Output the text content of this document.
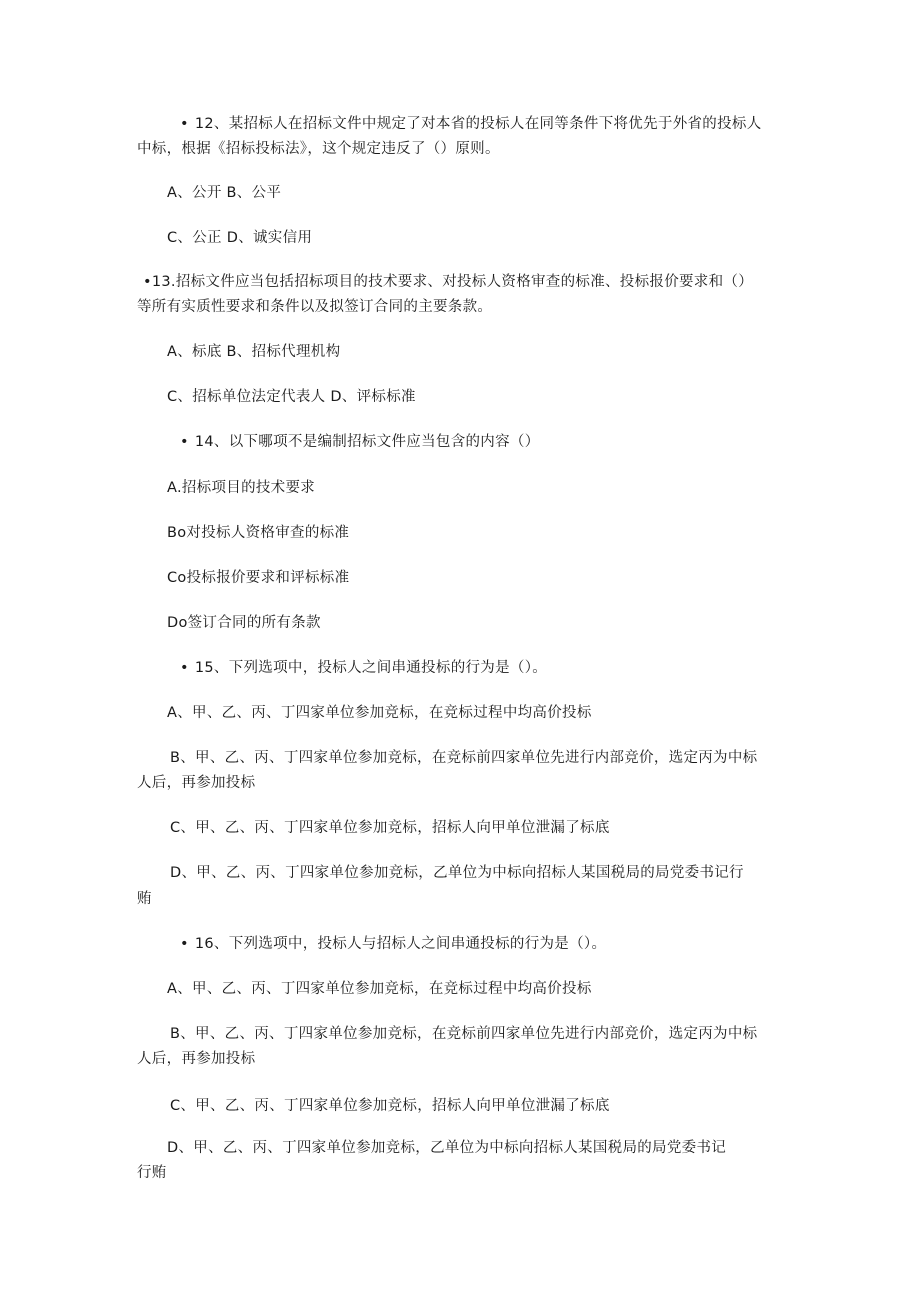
• 12、某招标人在招标文件中规定了对本省的投标人在同等条件下将优先于外省的投标人

中标，根据《招标投标法》，这个规定违反了（）原则。

A、公开 B、公平

C、公正 D、诚实信用

•13.招标文件应当包括招标项目的技术要求、对投标人资格审查的标准、投标报价要求和（）

等所有实质性要求和条件以及拟签订合同的主要条款。

A、标底 B、招标代理机构

C、招标单位法定代表人 D、评标标准

• 14、以下哪项不是编制招标文件应当包含的内容（）

A.招标项目的技术要求

Bo对投标人资格审查的标准

Co投标报价要求和评标标准

Do签订合同的所有条款

• 15、下列选项中，投标人之间串通投标的行为是（）。

A、甲、乙、丙、丁四家单位参加竞标，在竞标过程中均高价投标

B、甲、乙、丙、丁四家单位参加竞标，在竞标前四家单位先进行内部竞价，选定丙为中标

人后，再参加投标

C、甲、乙、丙、丁四家单位参加竞标，招标人向甲单位泄漏了标底

D、甲、乙、丙、丁四家单位参加竞标，乙单位为中标向招标人某国税局的局党委书记行

贿

• 16、下列选项中，投标人与招标人之间串通投标的行为是（）。

A、甲、乙、丙、丁四家单位参加竞标，在竞标过程中均高价投标

B、甲、乙、丙、丁四家单位参加竞标，在竞标前四家单位先进行内部竞价，选定丙为中标

人后，再参加投标

C、甲、乙、丙、丁四家单位参加竞标，招标人向甲单位泄漏了标底

D、甲、乙、丙、丁四家单位参加竞标，乙单位为中标向招标人某国税局的局党委书记

行贿
